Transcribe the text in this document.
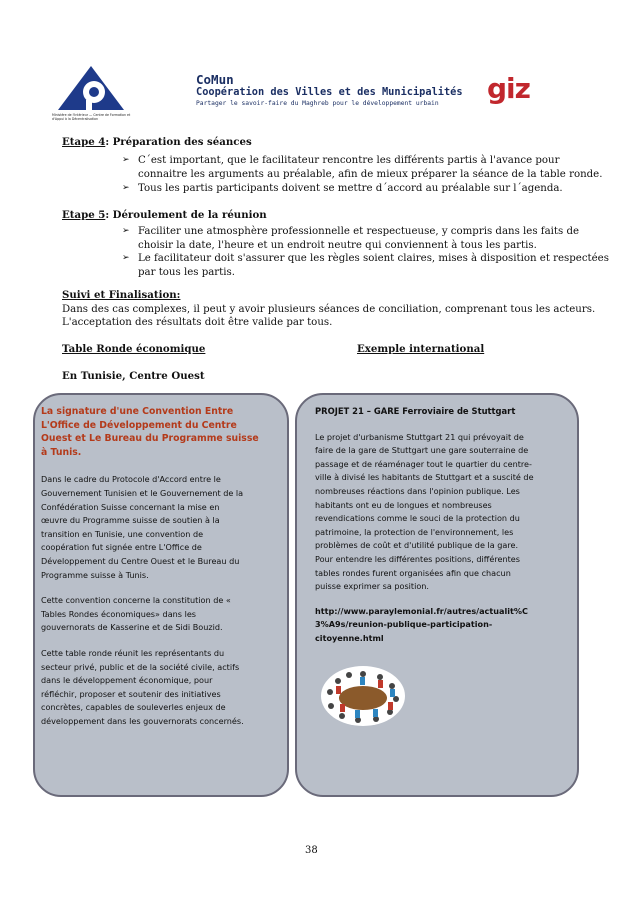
Ministère de l'Intérieur — Centre de Formation et d'Appui à la Décentralisation
CoMun
Coopération des Villes et des Municipalités
Partager le savoir-faire du Maghreb pour le développement urbain giz
Etape 4: Préparation des séances
➢ C´est important, que le facilitateur rencontre les différents partis à l'avance pour
connaitre les arguments au préalable, afin de mieux préparer la séance de la table ronde.
➢ Tous les partis participants doivent se mettre d´accord au préalable sur l´agenda.
Etape 5: Déroulement de la réunion
➢ Faciliter une atmosphère professionnelle et respectueuse, y compris dans les faits de
choisir la date, l'heure et un endroit neutre qui conviennent à tous les partis.
➢ Le facilitateur doit s'assurer que les règles soient claires, mises à disposition et respectées
par tous les partis.
Suivi et Finalisation:
Dans des cas complexes, il peut y avoir plusieurs séances de conciliation, comprenant tous les acteurs.
L'acceptation des résultats doit être valide par tous.
Table Ronde économique	Exemple international
En Tunisie, Centre Ouest
La signature d'une Convention Entre
L'Office de Développement du Centre
Ouest et Le Bureau du Programme suisse
à Tunis.
Dans le cadre du Protocole d'Accord entre le
Gouvernement Tunisien et le Gouvernement de la
Confédération Suisse concernant la mise en
œuvre du Programme suisse de soutien à la
transition en Tunisie, une convention de
coopération fut signée entre L'Office de
Développement du Centre Ouest et le Bureau du
Programme suisse à Tunis.
Cette convention concerne la constitution de «
Tables Rondes économiques» dans les
gouvernorats de Kasserine et de Sidi Bouzid.
Cette table ronde réunit les représentants du
secteur privé, public et de la société civile, actifs
dans le développement économique, pour
réfléchir, proposer et soutenir des initiatives
concrètes, capables de souleverles enjeux de
développement dans les gouvernorats concernés.
PROJET 21 – GARE Ferroviaire de Stuttgart
Le projet d'urbanisme Stuttgart 21 qui prévoyait de
faire de la gare de Stuttgart une gare souterraine de
passage et de réaménager tout le quartier du centre-
ville à divisé les habitants de Stuttgart et a suscité de
nombreuses réactions dans l'opinion publique. Les
habitants ont eu de longues et nombreuses
revendications comme le souci de la protection du
patrimoine, la protection de l'environnement, les
problèmes de coût et d'utilité publique de la gare.
Pour entendre les différentes positions, différentes
tables rondes furent organisées afin que chacun
puisse exprimer sa position.
http://www.paraylemonial.fr/autres/actualit%C
3%A9s/reunion-publique-participation-
citoyenne.html
38
